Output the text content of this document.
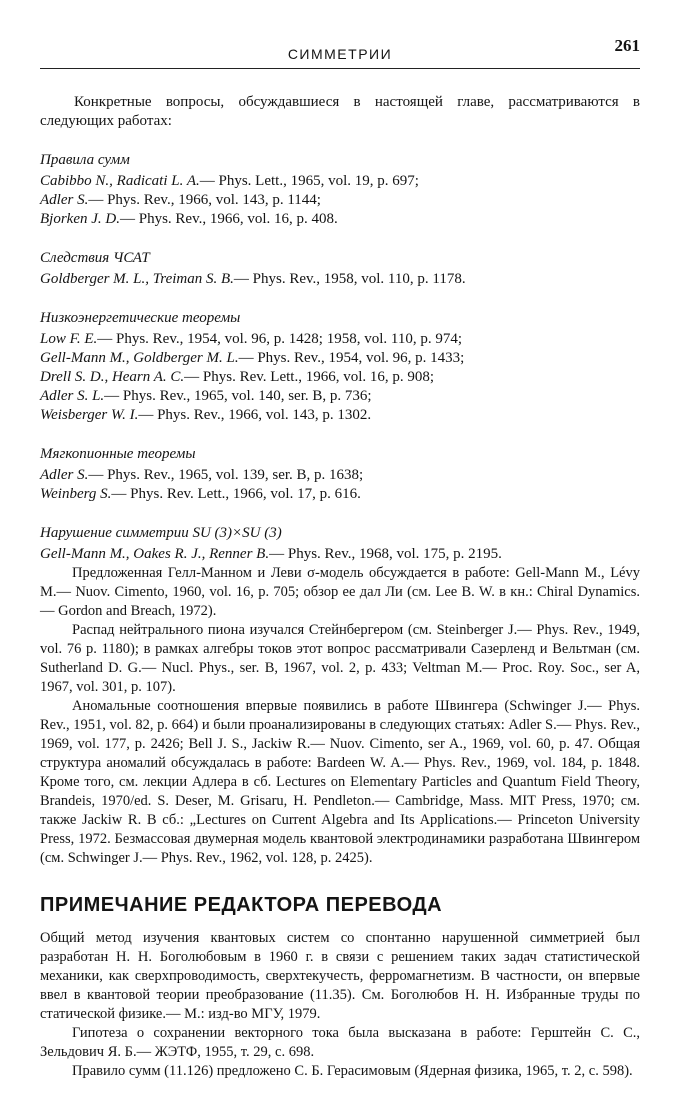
СИММЕТРИИ	261

Конкретные вопросы, обсуждавшиеся в настоящей главе, рассматриваются в следующих работах:

Правила сумм

Cabibbo N., Radicati L. A.— Phys. Lett., 1965, vol. 19, p. 697;

Adler S.— Phys. Rev., 1966, vol. 143, p. 1144;

Bjorken J. D.— Phys. Rev., 1966, vol. 16, p. 408.

Следствия ЧСАТ

Goldberger M. L., Treiman S. B.— Phys. Rev., 1958, vol. 110, p. 1178.

Низкоэнергетические теоремы

Low F. E.— Phys. Rev., 1954, vol. 96, p. 1428; 1958, vol. 110, p. 974;

Gell-Mann M., Goldberger M. L.— Phys. Rev., 1954, vol. 96, p. 1433;

Drell S. D., Hearn A. C.— Phys. Rev. Lett., 1966, vol. 16, p. 908;

Adler S. L.— Phys. Rev., 1965, vol. 140, ser. B, p. 736;

Weisberger W. I.— Phys. Rev., 1966, vol. 143, p. 1302.

Мягкопионные теоремы

Adler S.— Phys. Rev., 1965, vol. 139, ser. B, p. 1638;

Weinberg S.— Phys. Rev. Lett., 1966, vol. 17, p. 616.

Нарушение симметрии SU (3)×SU (3)

Gell-Mann M., Oakes R. J., Renner B.— Phys. Rev., 1968, vol. 175, p. 2195.

Предложенная Гелл-Манном и Леви σ-модель обсуждается в работе: Gell-Mann M., Lévy M.— Nuov. Cimento, 1960, vol. 16, p. 705; обзор ее дал Ли (см. Lee B. W. в кн.: Chiral Dynamics.— Gordon and Breach, 1972).

Распад нейтрального пиона изучался Стейнбергером (см. Steinberger J.— Phys. Rev., 1949, vol. 76 p. 1180); в рамках алгебры токов этот вопрос рассматривали Сазерленд и Вельтман (см. Sutherland D. G.— Nucl. Phys., ser. B, 1967, vol. 2, p. 433; Veltman M.— Proc. Roy. Soc., ser A, 1967, vol. 301, p. 107).

Аномальные соотношения впервые появились в работе Швингера (Schwinger J.— Phys. Rev., 1951, vol. 82, p. 664) и были проанализированы в следующих статьях: Adler S.— Phys. Rev., 1969, vol. 177, p. 2426; Bell J. S., Jackiw R.— Nuov. Cimento, ser A., 1969, vol. 60, p. 47. Общая структура аномалий обсуждалась в работе: Bardeen W. A.— Phys. Rev., 1969, vol. 184, p. 1848. Кроме того, см. лекции Адлера в сб. Lectures on Elementary Particles and Quantum Field Theory, Brandeis, 1970/ed. S. Deser, M. Grisaru, H. Pendleton.— Cambridge, Mass. MIT Press, 1970; см. также Jackiw R. В сб.: „Lectures on Current Algebra and Its Applications.— Princeton University Press, 1972. Безмассовая двумерная модель квантовой электродинамики разработана Швингером (см. Schwinger J.— Phys. Rev., 1962, vol. 128, p. 2425).

ПРИМЕЧАНИЕ РЕДАКТОРА ПЕРЕВОДА

Общий метод изучения квантовых систем со спонтанно нарушенной симметрией был разработан Н. Н. Боголюбовым в 1960 г. в связи с решением таких задач статистической механики, как сверхпроводимость, сверхтекучесть, ферромагнетизм. В частности, он впервые ввел в квантовой теории преобразование (11.35). См. Боголюбов Н. Н. Избранные труды по статической физике.— М.: изд-во МГУ, 1979.

Гипотеза о сохранении векторного тока была высказана в работе: Герштейн С. С., Зельдович Я. Б.— ЖЭТФ, 1955, т. 29, с. 698.

Правило сумм (11.126) предложено С. Б. Герасимовым (Ядерная физика, 1965, т. 2, с. 598).
